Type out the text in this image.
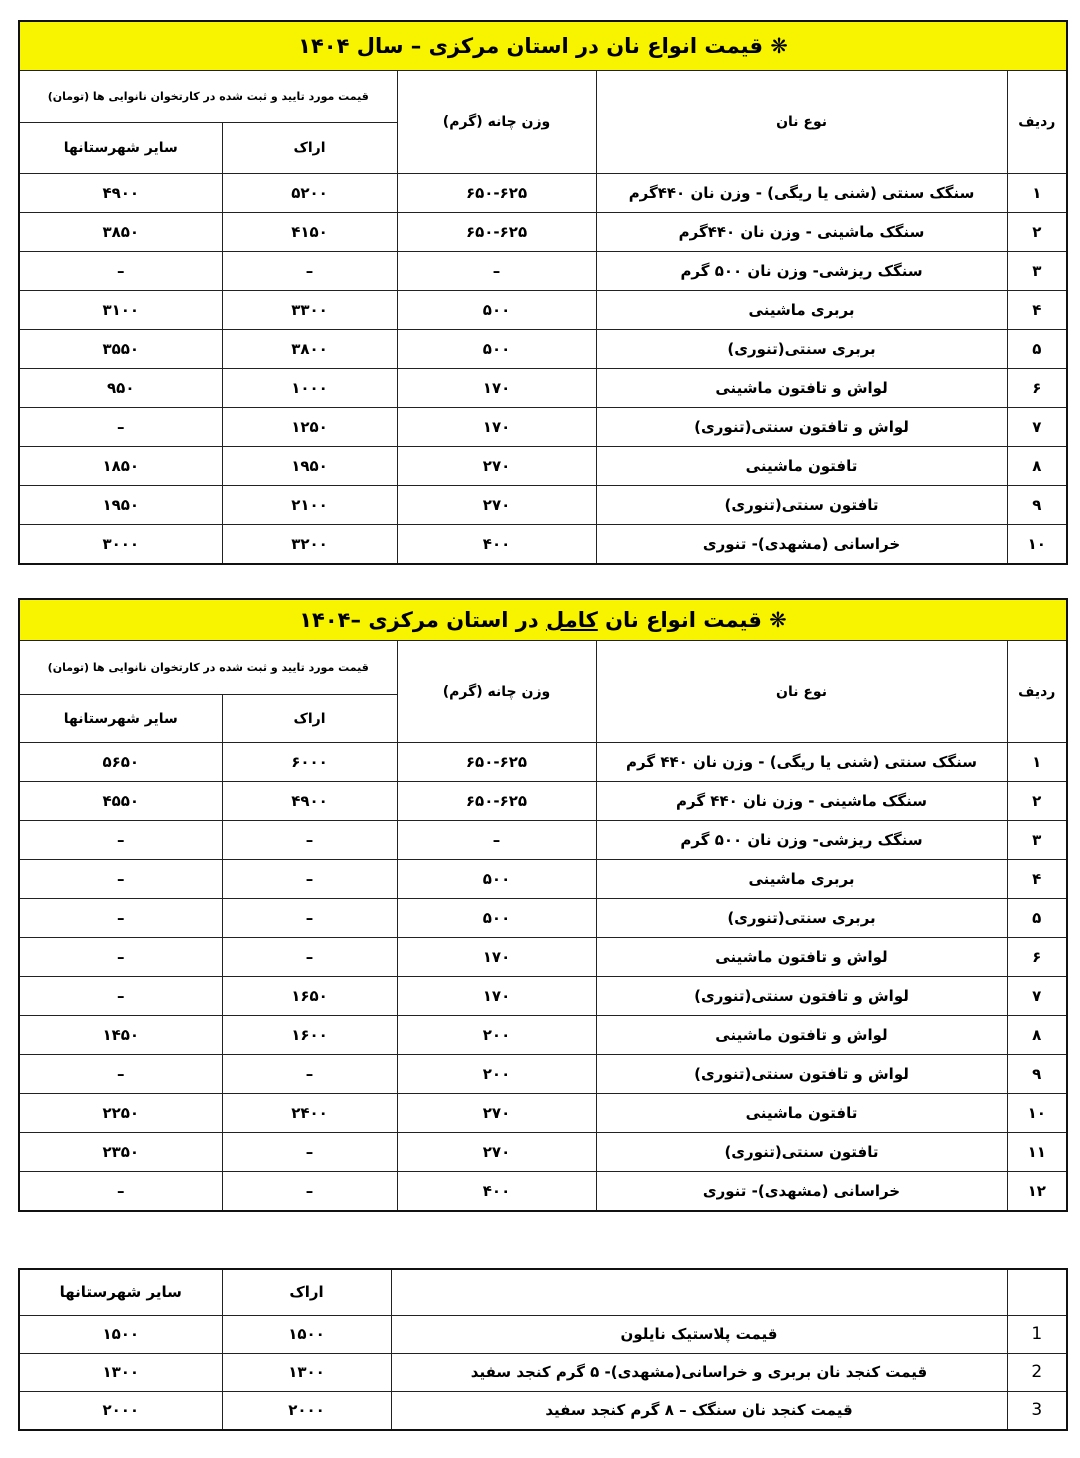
❋ قیمت انواع نان در استان مرکزی – سال ۱۴۰۴				
ردیف	نوع نان	وزن چانه (گرم)	قیمت مورد تایید و ثبت شده در کارتخوان نانوایی ها (تومان)	
			اراک	سایر شهرستانها
۱	سنگک سنتی (شنی یا ریگی) - وزن نان ۴۴۰گرم	۶۵۰-۶۲۵	۵۲۰۰	۴۹۰۰
۲	سنگک ماشینی - وزن نان ۴۴۰گرم	۶۵۰-۶۲۵	۴۱۵۰	۳۸۵۰
۳	سنگک ریزشی- وزن نان ۵۰۰ گرم	–	–	–
۴	بربری ماشینی	۵۰۰	۳۳۰۰	۳۱۰۰
۵	بربری سنتی(تنوری)	۵۰۰	۳۸۰۰	۳۵۵۰
۶	لواش و تافتون ماشینی	۱۷۰	۱۰۰۰	۹۵۰
۷	لواش و تافتون سنتی(تنوری)	۱۷۰	۱۲۵۰	–
۸	تافتون ماشینی	۲۷۰	۱۹۵۰	۱۸۵۰
۹	تافتون سنتی(تنوری)	۲۷۰	۲۱۰۰	۱۹۵۰
۱۰	خراسانی (مشهدی)- تنوری	۴۰۰	۳۲۰۰	۳۰۰۰
❋ قیمت انواع نان کامل در استان مرکزی –۱۴۰۴				
ردیف	نوع نان	وزن چانه (گرم)	قیمت مورد تایید و ثبت شده در کارتخوان نانوایی ها (تومان)	
			اراک	سایر شهرستانها
۱	سنگک سنتی (شنی یا ریگی) - وزن نان ۴۴۰ گرم	۶۵۰-۶۲۵	۶۰۰۰	۵۶۵۰
۲	سنگک ماشینی - وزن نان ۴۴۰ گرم	۶۵۰-۶۲۵	۴۹۰۰	۴۵۵۰
۳	سنگک ریزشی- وزن نان ۵۰۰ گرم	–	–	–
۴	بربری ماشینی	۵۰۰	–	–
۵	بربری سنتی(تنوری)	۵۰۰	–	–
۶	لواش و تافتون ماشینی	۱۷۰	–	–
۷	لواش و تافتون سنتی(تنوری)	۱۷۰	۱۶۵۰	–
۸	لواش و تافتون ماشینی	۲۰۰	۱۶۰۰	۱۴۵۰
۹	لواش و تافتون سنتی(تنوری)	۲۰۰	–	–
۱۰	تافتون ماشینی	۲۷۰	۲۴۰۰	۲۲۵۰
۱۱	تافتون سنتی(تنوری)	۲۷۰	–	۲۳۵۰
۱۲	خراسانی (مشهدی)- تنوری	۴۰۰	–	–
		اراک	سایر شهرستانها
1	قیمت پلاستیک نایلون	۱۵۰۰	۱۵۰۰
2	قیمت کنجد نان بربری و خراسانی(مشهدی)- ۵ گرم کنجد سفید	۱۳۰۰	۱۳۰۰
3	قیمت کنجد نان سنگک – ۸ گرم کنجد سفید	۲۰۰۰	۲۰۰۰
